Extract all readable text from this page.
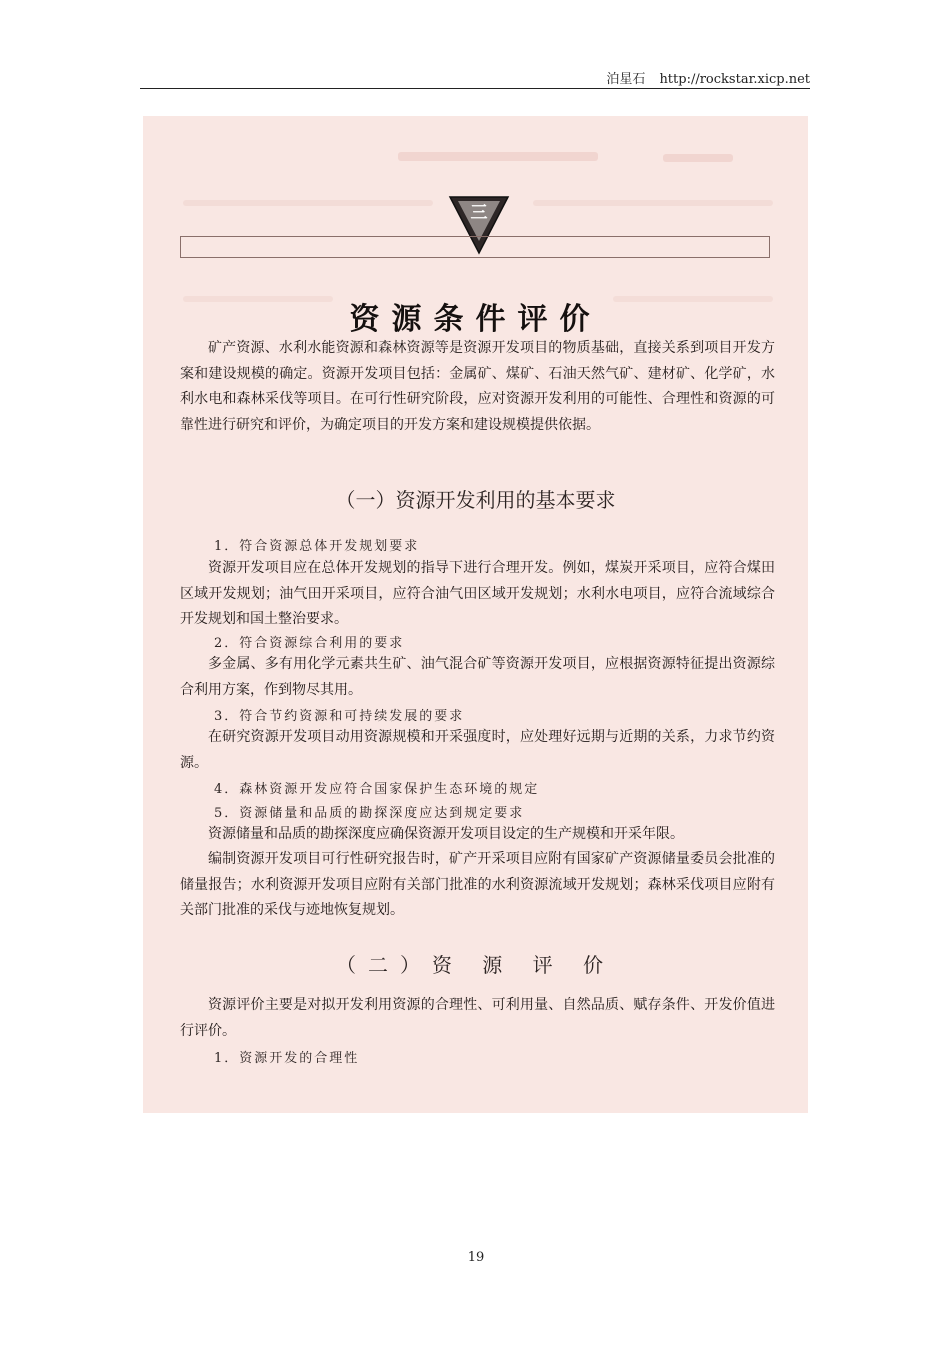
泊星石 http://rockstar.xicp.net
三
资源条件评价

矿产资源、水利水能资源和森林资源等是资源开发项目的物质基础，直接关系到项目开发方案和建设规模的确定。资源开发项目包括：金属矿、煤矿、石油天然气矿、建材矿、化学矿，水利水电和森林采伐等项目。在可行性研究阶段，应对资源开发利用的可能性、合理性和资源的可靠性进行研究和评价，为确定项目的开发方案和建设规模提供依据。

（一）资源开发利用的基本要求
1．符合资源总体开发规划要求

资源开发项目应在总体开发规划的指导下进行合理开发。例如，煤炭开采项目，应符合煤田区域开发规划；油气田开采项目，应符合油气田区域开发规划；水利水电项目，应符合流域综合开发规划和国土整治要求。

2．符合资源综合利用的要求

多金属、多有用化学元素共生矿、油气混合矿等资源开发项目，应根据资源特征提出资源综合利用方案，作到物尽其用。

3．符合节约资源和可持续发展的要求

在研究资源开发项目动用资源规模和开采强度时，应处理好远期与近期的关系，力求节约资源。

4．森林资源开发应符合国家保护生态环境的规定
5．资源储量和品质的勘探深度应达到规定要求

资源储量和品质的勘探深度应确保资源开发项目设定的生产规模和开采年限。

编制资源开发项目可行性研究报告时，矿产开采项目应附有国家矿产资源储量委员会批准的储量报告；水利资源开发项目应附有关部门批准的水利资源流域开发规划；森林采伐项目应附有关部门批准的采伐与迹地恢复规划。

（二）资 源 评 价

资源评价主要是对拟开发利用资源的合理性、可利用量、自然品质、赋存条件、开发价值进行评价。

1．资源开发的合理性
19
